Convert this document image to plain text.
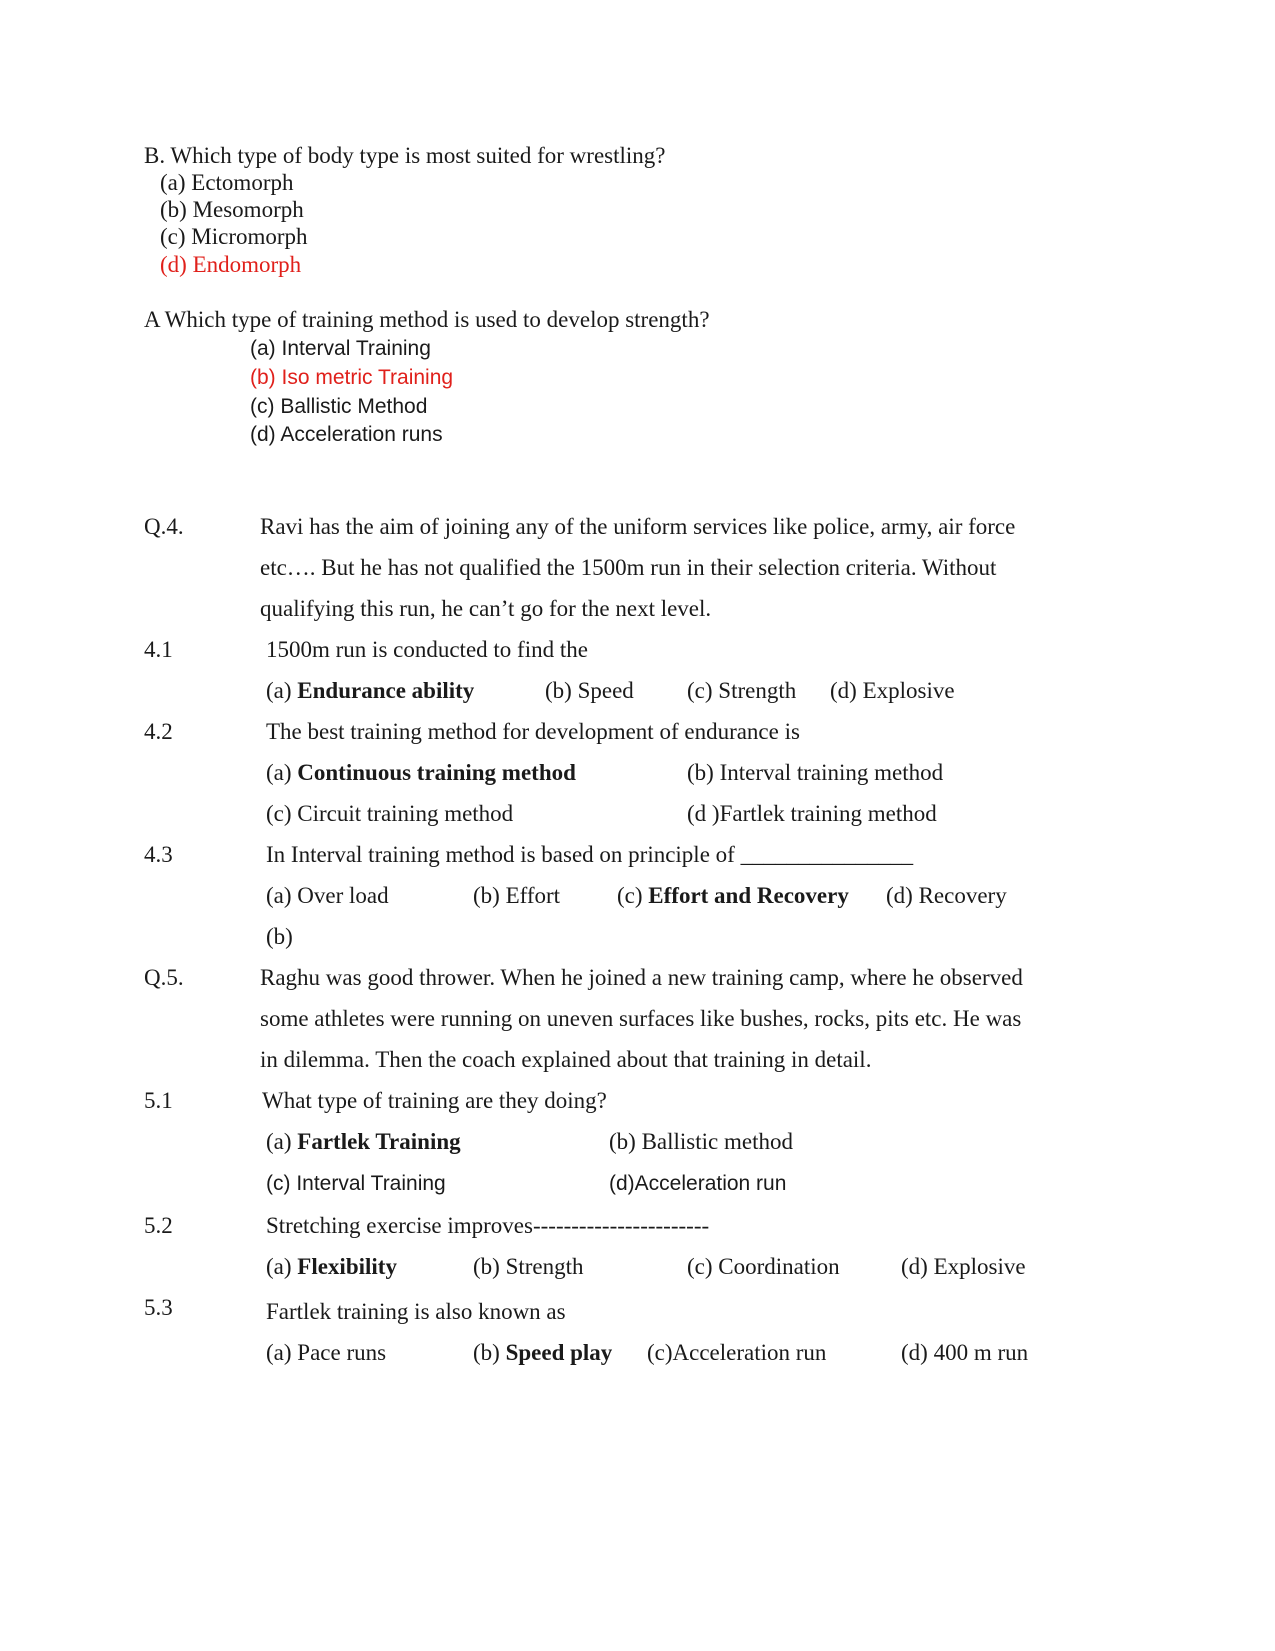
B. Which type of body type is most suited for wrestling?
(a) Ectomorph
(b) Mesomorph
(c) Micromorph
(d) Endomorph
A Which type of training method is used to develop strength?
(a) Interval Training
(b) Iso metric Training
(c) Ballistic Method
(d) Acceleration runs
Q.4.	Ravi has the aim of joining any of the uniform services like police, army, air force
etc…. But he has not qualified the 1500m run in their selection criteria. Without
qualifying this run, he can’t go for the next level.
4.1	1500m run is conducted to find the
(a) Endurance ability	(b) Speed (c) Strength (d) Explosive
4.2	The best training method for development of endurance is
(a) Continuous training method	(b) Interval training method
(c) Circuit training method	(d )Fartlek training method
4.3	In Interval training method is based on principle of _______________
(a) Over load	(b) Effort (c) Effort and Recovery (d) Recovery
(b)
Q.5.	Raghu was good thrower. When he joined a new training camp, where he observed
some athletes were running on uneven surfaces like bushes, rocks, pits etc. He was
in dilemma. Then the coach explained about that training in detail.
5.1	What type of training are they doing?
(a) Fartlek Training	(b) Ballistic method
(c) Interval Training	(d)Acceleration run
5.2	Stretching exercise improves-----------------------
(a) Flexibility	(b) Strength	(c) Coordination	(d) Explosive
5.3	Fartlek training is also known as
(a) Pace runs	(b) Speed play (c)Acceleration run	(d) 400 m run
